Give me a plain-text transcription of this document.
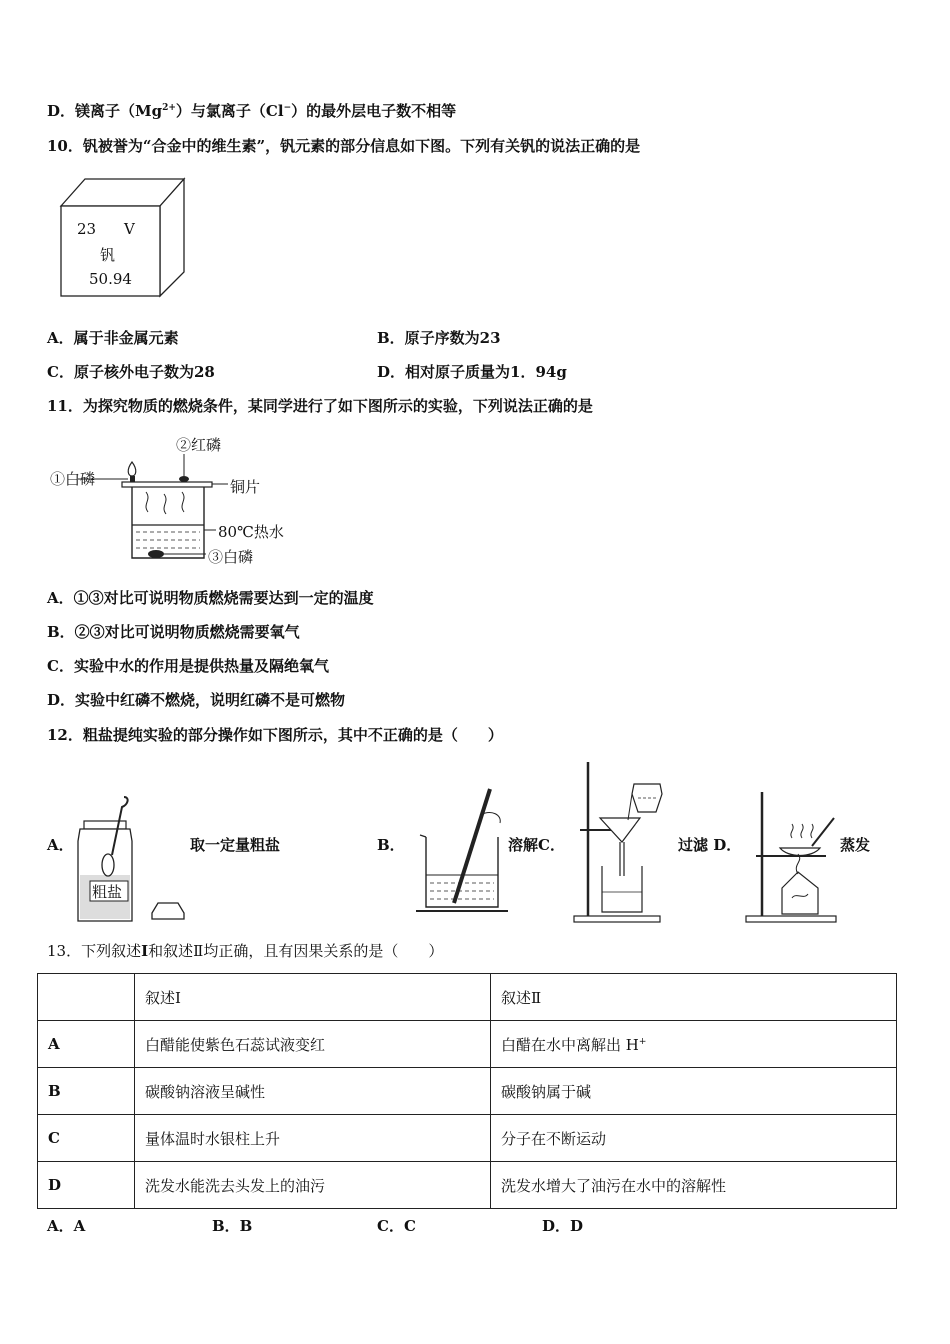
D．镁离子$(Mg^{2+})$与氯离子（Cl−）的最外层电子数不相等
10．钒被誉为“合金中的维生素”，钒元素的部分信息如下图。下列有关钒的说法正确的是
23 V
钒
50.94
A．属于非金属元素	B．原子序数为23
C．原子核外电子数为28	D．相对原子质量为1．94g
11．为探究物质的燃烧条件，某同学进行了如下图所示的实验，下列说法正确的是
①白磷
②红磷
铜片
80℃热水
③白磷
A．①③对比可说明物质燃烧需要达到一定的温度
B．②③对比可说明物质燃烧需要氧气
C．实验中水的作用是提供热量及隔绝氧气
D．实验中红磷不燃烧，说明红磷不是可燃物
12．粗盐提纯实验的部分操作如下图所示，其中不正确的是（　　）
A．
粗盐
取一定量粗盐	B．	溶解C．	过滤 D．	蒸发
13．下列叙述I和叙述Ⅱ均正确，且有因果关系的是（　　）
	叙述I	叙述Ⅱ
A	白醋能使紫色石蕊试液变红	白醋在水中离解出 H+
B	碳酸钠溶液呈碱性	碳酸钠属于碱
C	量体温时水银柱上升	分子在不断运动
D	洗发水能洗去头发上的油污	洗发水增大了油污在水中的溶解性
A．A	B．B	C．C	D．D
